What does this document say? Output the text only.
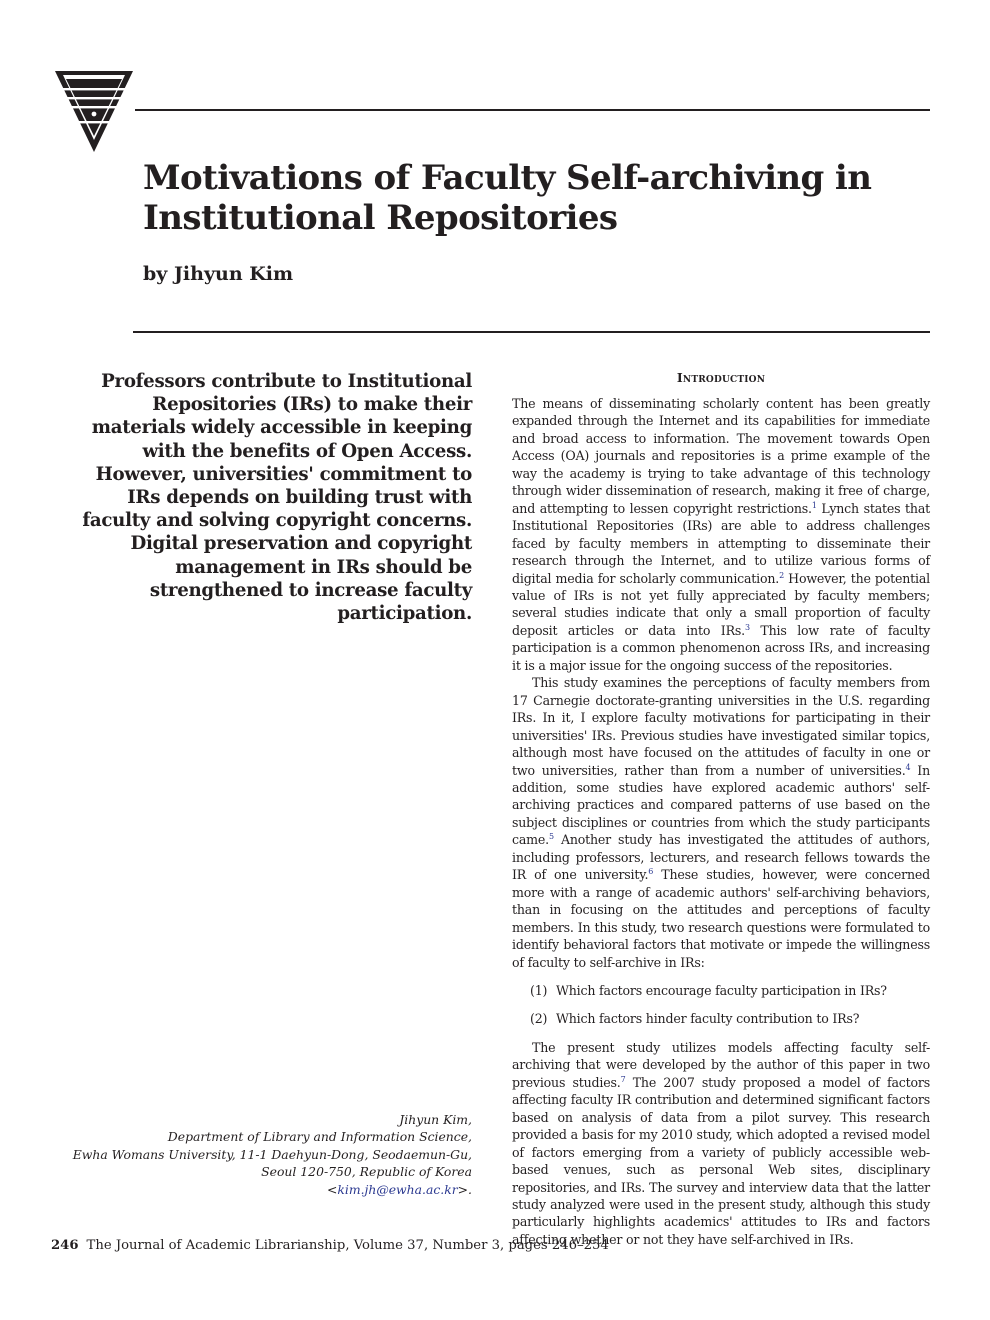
Motivations of Faculty Self-archiving in Institutional Repositories

by Jihyun Kim

Professors contribute to Institutional Repositories (IRs) to make their materials widely accessible in keeping with the benefits of Open Access. However, universities' commitment to IRs depends on building trust with faculty and solving copyright concerns. Digital preservation and copyright management in IRs should be strengthened to increase faculty participation.

Jihyun Kim,
Department of Library and Information Science,
Ewha Womans University, 11-1 Daehyun-Dong, Seodaemun-Gu,
Seoul 120-750, Republic of Korea
<kim.jh@ewha.ac.kr>.
Introduction

The means of disseminating scholarly content has been greatly expanded through the Internet and its capabilities for immediate and broad access to information. The movement towards Open Access (OA) journals and repositories is a prime example of the way the academy is trying to take advantage of this technology through wider dissemination of research, making it free of charge, and attempting to lessen copyright restrictions.$^1$ Lynch states that Institutional Repositories (IRs) are able to address challenges faced by faculty members in attempting to disseminate their research through the Internet, and to utilize various forms of digital media for scholarly communication.$^2$ However, the potential value of IRs is not yet fully appreciated by faculty members; several studies indicate that only a small proportion of faculty deposit articles or data into IRs.$^3$ This low rate of faculty participation is a common phenomenon across IRs, and increasing it is a major issue for the ongoing success of the repositories.

This study examines the perceptions of faculty members from 17 Carnegie doctorate-granting universities in the U.S. regarding IRs. In it, I explore faculty motivations for participating in their universities' IRs. Previous studies have investigated similar topics, although most have focused on the attitudes of faculty in one or two universities, rather than from a number of universities.$^4$ In addition, some studies have explored academic authors' self-archiving practices and compared patterns of use based on the subject disciplines or countries from which the study participants came.$^5$ Another study has investigated the attitudes of authors, including professors, lecturers, and research fellows towards the IR of one university.$^6$ These studies, however, were concerned more with a range of academic authors' self-archiving behaviors, than in focusing on the attitudes and perceptions of faculty members. In this study, two research questions were formulated to identify behavioral factors that motivate or impede the willingness of faculty to self-archive in IRs:

(1) Which factors encourage faculty participation in IRs?
(2) Which factors hinder faculty contribution to IRs?

The present study utilizes models affecting faculty self-archiving that were developed by the author of this paper in two previous studies.$^7$ The 2007 study proposed a model of factors affecting faculty IR contribution and determined significant factors based on analysis of data from a pilot survey. This research provided a basis for my 2010 study, which adopted a revised model of factors emerging from a variety of publicly accessible web-based venues, such as personal Web sites, disciplinary repositories, and IRs. The survey and interview data that the latter study analyzed were used in the present study, although this study particularly highlights academics' attitudes to IRs and factors affecting whether or not they have self-archived in IRs.

246 The Journal of Academic Librarianship, Volume 37, Number 3, pages 246–254
